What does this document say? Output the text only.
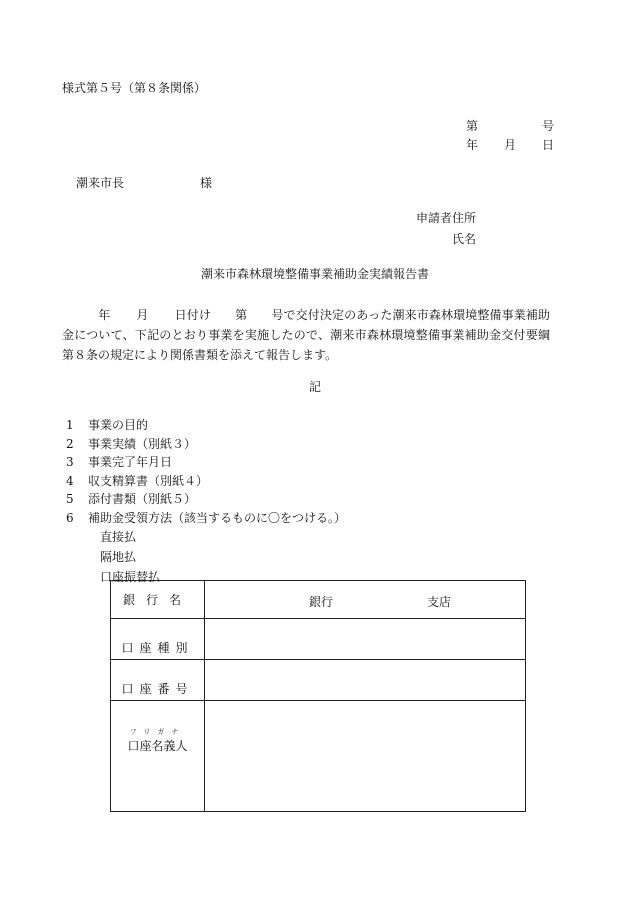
様式第５号（第８条関係）
第	号
年 月 日
潮来市長	様
申請者住所
氏名
潮来市森林環境整備事業補助金実績報告書
年 月 日付け 第 号で交付決定のあった潮来市森林環境整備事業補助金について、下記のとおり事業を実施したので、潮来市森林環境整備事業補助金交付要綱第８条の規定により関係書類を添えて報告します。
記
1 事業の目的
2 事業実績（別紙３）
3 事業完了年月日
4 収支精算書（別紙４）
5 添付書類（別紙５）
6 補助金受領方法（該当するものに〇をつける。）
直接払
隔地払
口座振替払
銀行名	銀行 支店

口座種別	
口座番号	

フリガナ
口座名義人	
